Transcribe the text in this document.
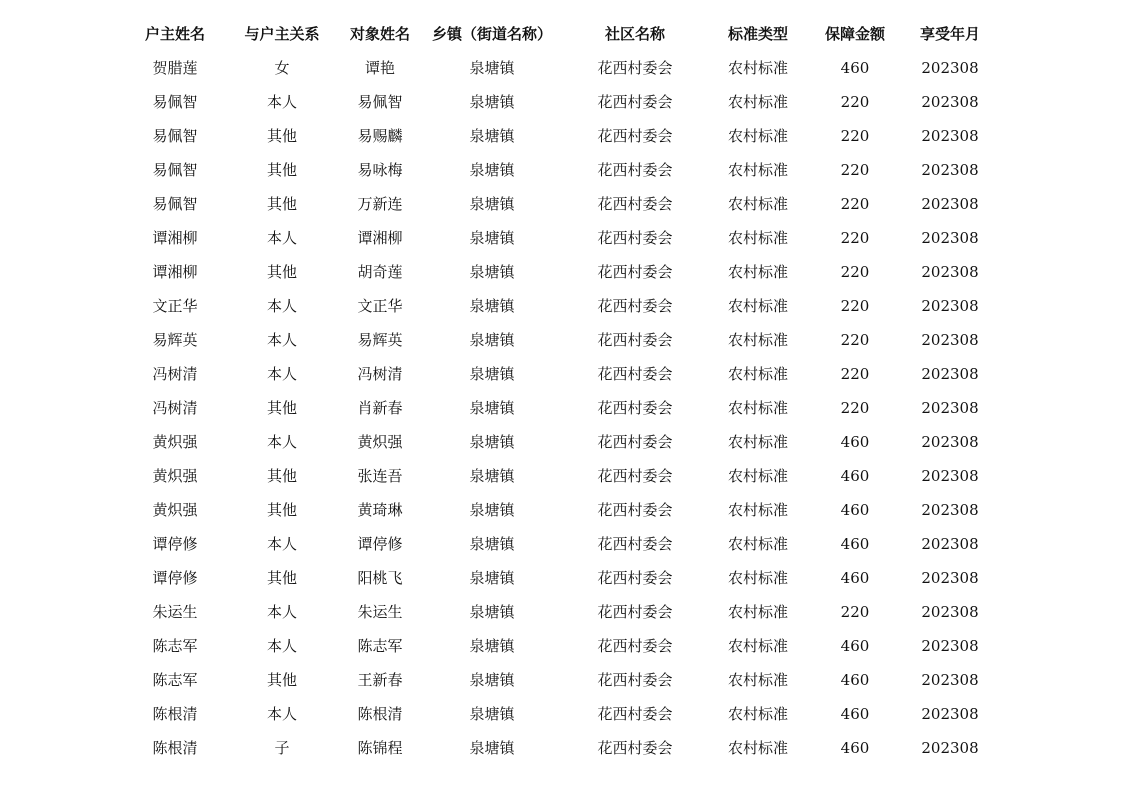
户主姓名	与户主关系	对象姓名	乡镇（街道名称）	社区名称	标准类型	保障金额	享受年月
贺腊莲	女	谭艳	泉塘镇	花西村委会	农村标准	460	202308
易佩智	本人	易佩智	泉塘镇	花西村委会	农村标准	220	202308
易佩智	其他	易赐麟	泉塘镇	花西村委会	农村标准	220	202308
易佩智	其他	易咏梅	泉塘镇	花西村委会	农村标准	220	202308
易佩智	其他	万新连	泉塘镇	花西村委会	农村标准	220	202308
谭湘柳	本人	谭湘柳	泉塘镇	花西村委会	农村标准	220	202308
谭湘柳	其他	胡奇莲	泉塘镇	花西村委会	农村标准	220	202308
文正华	本人	文正华	泉塘镇	花西村委会	农村标准	220	202308
易辉英	本人	易辉英	泉塘镇	花西村委会	农村标准	220	202308
冯树清	本人	冯树清	泉塘镇	花西村委会	农村标准	220	202308
冯树清	其他	肖新春	泉塘镇	花西村委会	农村标准	220	202308
黄炽强	本人	黄炽强	泉塘镇	花西村委会	农村标准	460	202308
黄炽强	其他	张连吾	泉塘镇	花西村委会	农村标准	460	202308
黄炽强	其他	黄琦琳	泉塘镇	花西村委会	农村标准	460	202308
谭停修	本人	谭停修	泉塘镇	花西村委会	农村标准	460	202308
谭停修	其他	阳桃飞	泉塘镇	花西村委会	农村标准	460	202308
朱运生	本人	朱运生	泉塘镇	花西村委会	农村标准	220	202308
陈志军	本人	陈志军	泉塘镇	花西村委会	农村标准	460	202308
陈志军	其他	王新春	泉塘镇	花西村委会	农村标准	460	202308
陈根清	本人	陈根清	泉塘镇	花西村委会	农村标准	460	202308
陈根清	子	陈锦程	泉塘镇	花西村委会	农村标准	460	202308
